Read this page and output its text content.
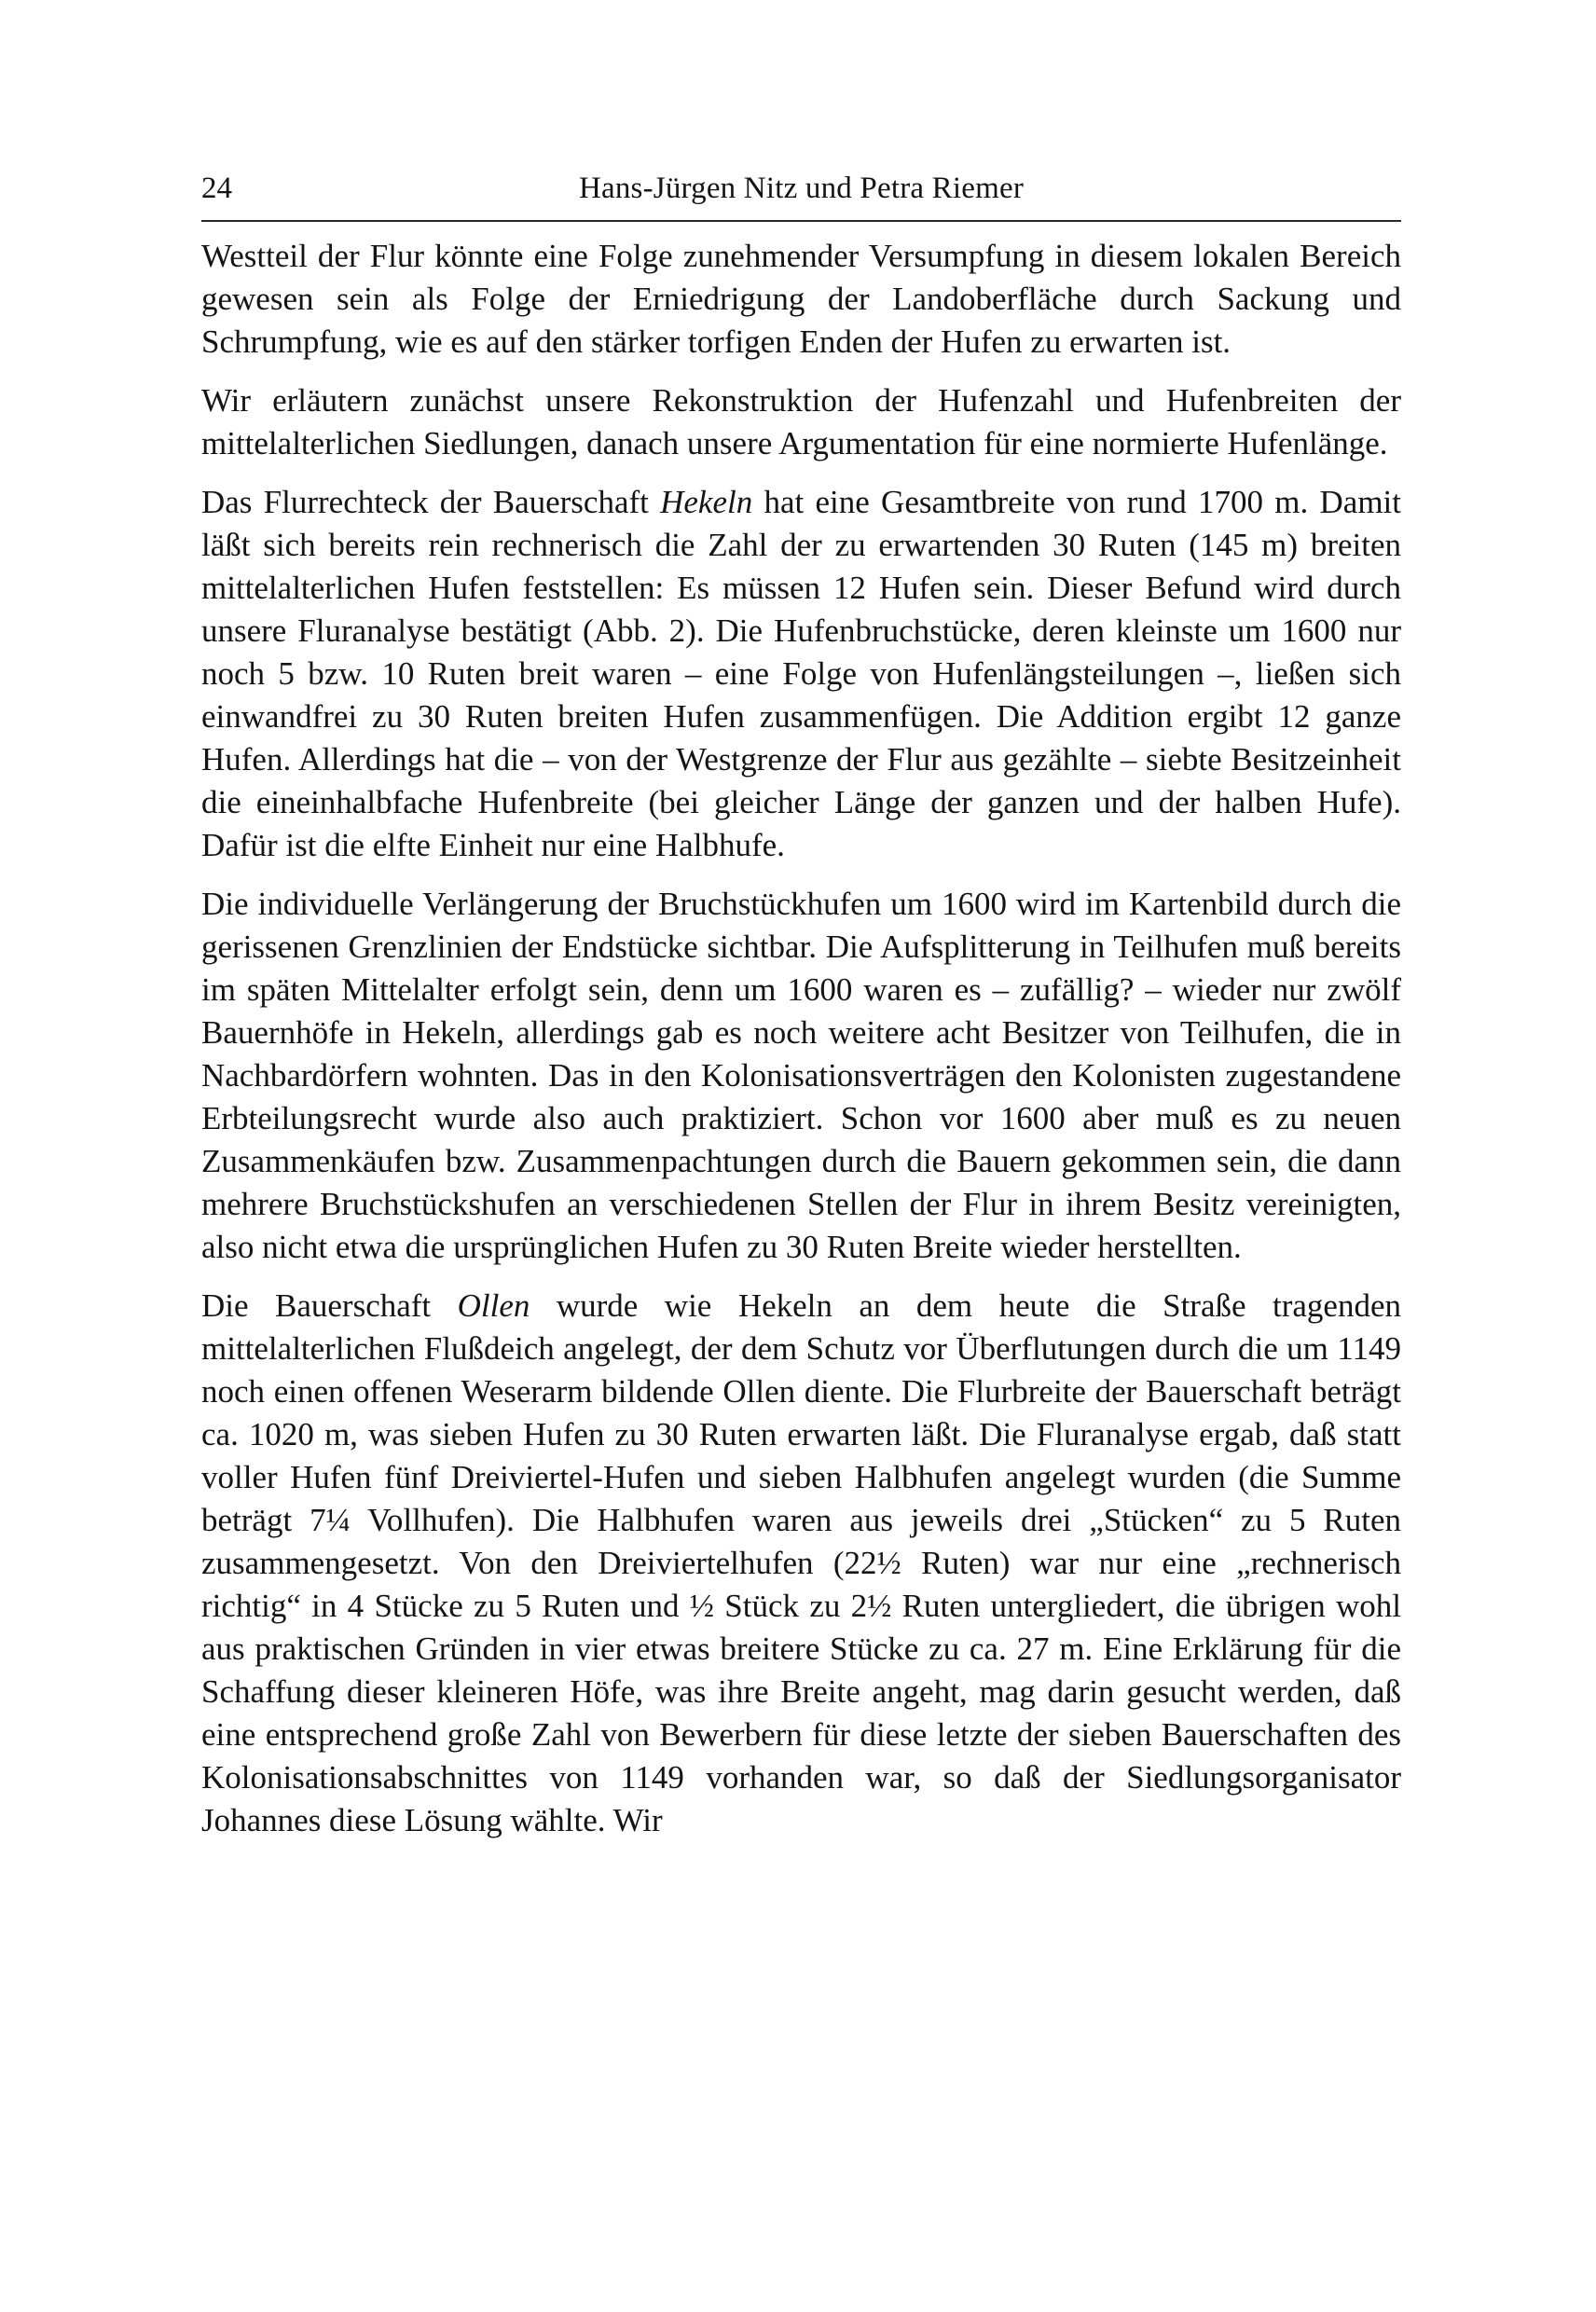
24	Hans-Jürgen Nitz und Petra Riemer

Westteil der Flur könnte eine Folge zunehmender Versumpfung in diesem lokalen Bereich gewesen sein als Folge der Erniedrigung der Landoberfläche durch Sackung und Schrumpfung, wie es auf den stärker torfigen Enden der Hufen zu erwarten ist.

Wir erläutern zunächst unsere Rekonstruktion der Hufenzahl und Hufenbreiten der mittelalterlichen Siedlungen, danach unsere Argumentation für eine normierte Hufenlänge.

Das Flurrechteck der Bauerschaft Hekeln hat eine Gesamtbreite von rund 1700 m. Damit läßt sich bereits rein rechnerisch die Zahl der zu erwartenden 30 Ruten (145 m) breiten mittelalterlichen Hufen feststellen: Es müssen 12 Hufen sein. Dieser Befund wird durch unsere Fluranalyse bestätigt (Abb. 2). Die Hufenbruchstücke, deren kleinste um 1600 nur noch 5 bzw. 10 Ruten breit waren – eine Folge von Hufenlängsteilungen –, ließen sich einwandfrei zu 30 Ruten breiten Hufen zusammenfügen. Die Addition ergibt 12 ganze Hufen. Allerdings hat die – von der Westgrenze der Flur aus gezählte – siebte Besitzeinheit die eineinhalbfache Hufenbreite (bei gleicher Länge der ganzen und der halben Hufe). Dafür ist die elfte Einheit nur eine Halbhufe.

Die individuelle Verlängerung der Bruchstückhufen um 1600 wird im Kartenbild durch die gerissenen Grenzlinien der Endstücke sichtbar. Die Aufsplitterung in Teilhufen muß bereits im späten Mittelalter erfolgt sein, denn um 1600 waren es – zufällig? – wieder nur zwölf Bauernhöfe in Hekeln, allerdings gab es noch weitere acht Besitzer von Teilhufen, die in Nachbardörfern wohnten. Das in den Kolonisationsverträgen den Kolonisten zugestandene Erbteilungsrecht wurde also auch praktiziert. Schon vor 1600 aber muß es zu neuen Zusammenkäufen bzw. Zusammenpachtungen durch die Bauern gekommen sein, die dann mehrere Bruchstückshufen an verschiedenen Stellen der Flur in ihrem Besitz vereinigten, also nicht etwa die ursprünglichen Hufen zu 30 Ruten Breite wieder herstellten.

Die Bauerschaft Ollen wurde wie Hekeln an dem heute die Straße tragenden mittelalterlichen Flußdeich angelegt, der dem Schutz vor Überflutungen durch die um 1149 noch einen offenen Weserarm bildende Ollen diente. Die Flurbreite der Bauerschaft beträgt ca. 1020 m, was sieben Hufen zu 30 Ruten erwarten läßt. Die Fluranalyse ergab, daß statt voller Hufen fünf Dreiviertel-Hufen und sieben Halbhufen angelegt wurden (die Summe beträgt 7¼ Vollhufen). Die Halbhufen waren aus jeweils drei „Stücken“ zu 5 Ruten zusammengesetzt. Von den Dreiviertelhufen (22½ Ruten) war nur eine „rechnerisch richtig“ in 4 Stücke zu 5 Ruten und ½ Stück zu 2½ Ruten untergliedert, die übrigen wohl aus praktischen Gründen in vier etwas breitere Stücke zu ca. 27 m. Eine Erklärung für die Schaffung dieser kleineren Höfe, was ihre Breite angeht, mag darin gesucht werden, daß eine entsprechend große Zahl von Bewerbern für diese letzte der sieben Bauerschaften des Kolonisationsabschnittes von 1149 vorhanden war, so daß der Siedlungsorganisator Johannes diese Lösung wählte. Wir
